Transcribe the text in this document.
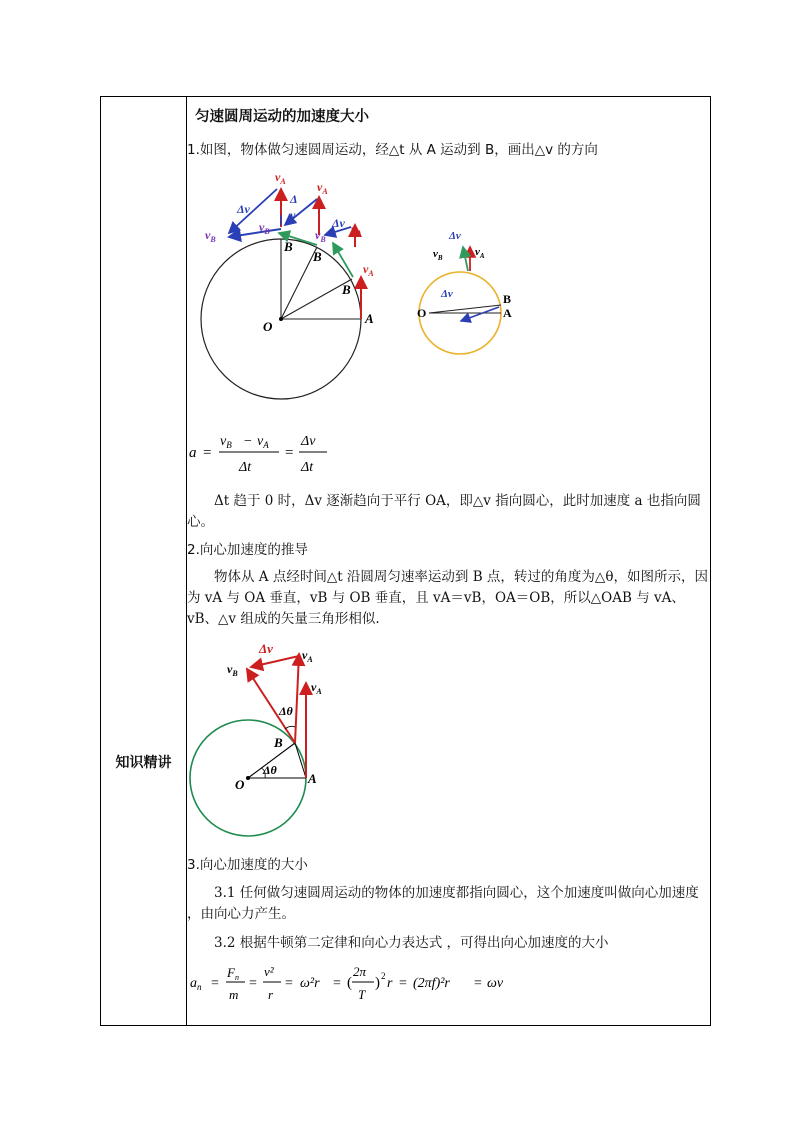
知识精讲
匀速圆周运动的加速度大小
1.如图，物体做匀速圆周运动，经△t 从 A 运动到 B，画出△v 的方向
$v_A$	$v_A$
$v_A$
$v_A$
Δv
Δ
v
Δv
$v_B$
$v_B$	$v_B$
B
B
B
O
A
Δv
$v_B$	$v_A$
Δv	B
A
O
a =
$v_B - v_A$
Δt
=
Δv
Δt
Δt 趋于 0 时，Δv 逐渐趋向于平行 OA，即△v 指向圆心，此时加速度 a 也指向圆心。
2.向心加速度的推导
物体从 A 点经时间△t 沿圆周匀速率运动到 B 点，转过的角度为△θ，如图所示，因为 vA 与 OA 垂直，vB 与 OB 垂直，且 vA＝vB，OA＝OB，所以△OAB 与 vA、vB、△v 组成的矢量三角形相似.
Δv $v_A$
$v_B$
$v_A$
Δθ
B
Δθ
O	A
3.向心加速度的大小
3.1 任何做匀速圆周运动的物体的加速度都指向圆心，这个加速度叫做向心加速度 ，由向心力产生。
3.2 根据牛顿第二定律和向心力表达式 ，可得出向心加速度的大小
$a_n$ =
$F_n$
m
=
v²
r
= ω²r = (
2π
T
) 2 r = (2πf)²r = ωv
